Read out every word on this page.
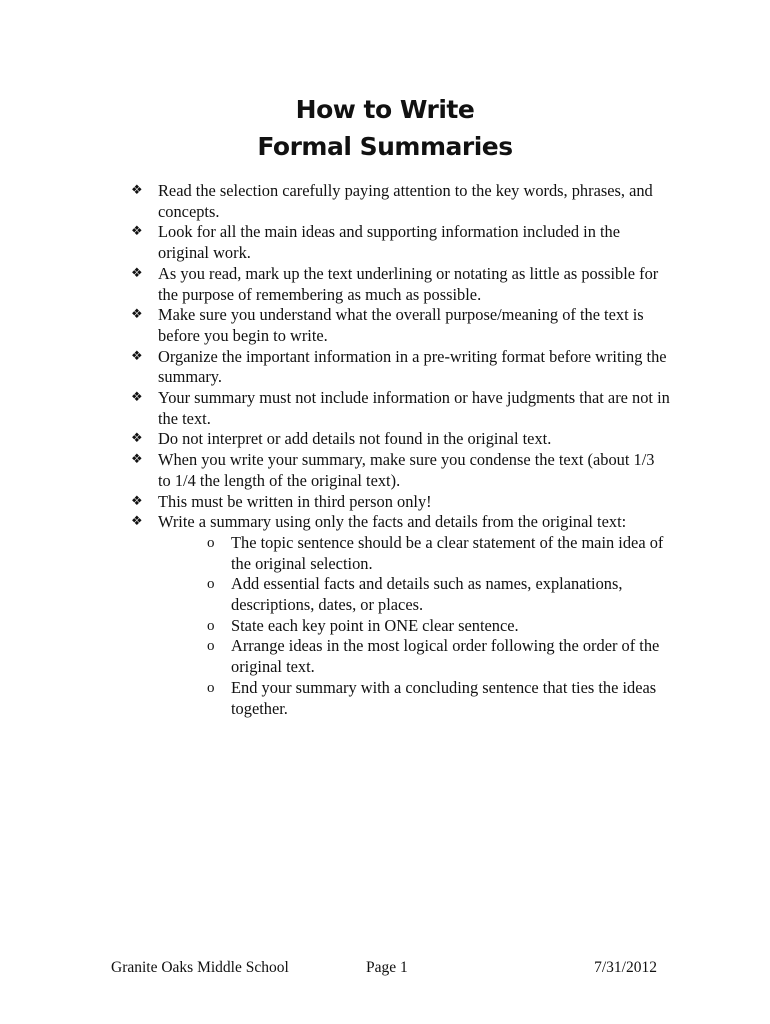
How to Write
Formal Summaries
❖ Read the selection carefully paying attention to the key words, phrases, and concepts.
❖ Look for all the main ideas and supporting information included in the original work.
❖ As you read, mark up the text underlining or notating as little as possible for the purpose of remembering as much as possible.
❖ Make sure you understand what the overall purpose/meaning of the text is before you begin to write.
❖ Organize the important information in a pre-writing format before writing the summary.
❖ Your summary must not include information or have judgments that are not in the text.
❖ Do not interpret or add details not found in the original text.
❖ When you write your summary, make sure you condense the text (about 1/3 to 1/4 the length of the original text).
❖ This must be written in third person only!
❖ Write a summary using only the facts and details from the original text:
o The topic sentence should be a clear statement of the main idea of the original selection.
o Add essential facts and details such as names, explanations, descriptions, dates, or places.
o State each key point in ONE clear sentence.
o Arrange ideas in the most logical order following the order of the original text.
o End your summary with a concluding sentence that ties the ideas together.
Granite Oaks Middle School	Page 1	7/31/2012
